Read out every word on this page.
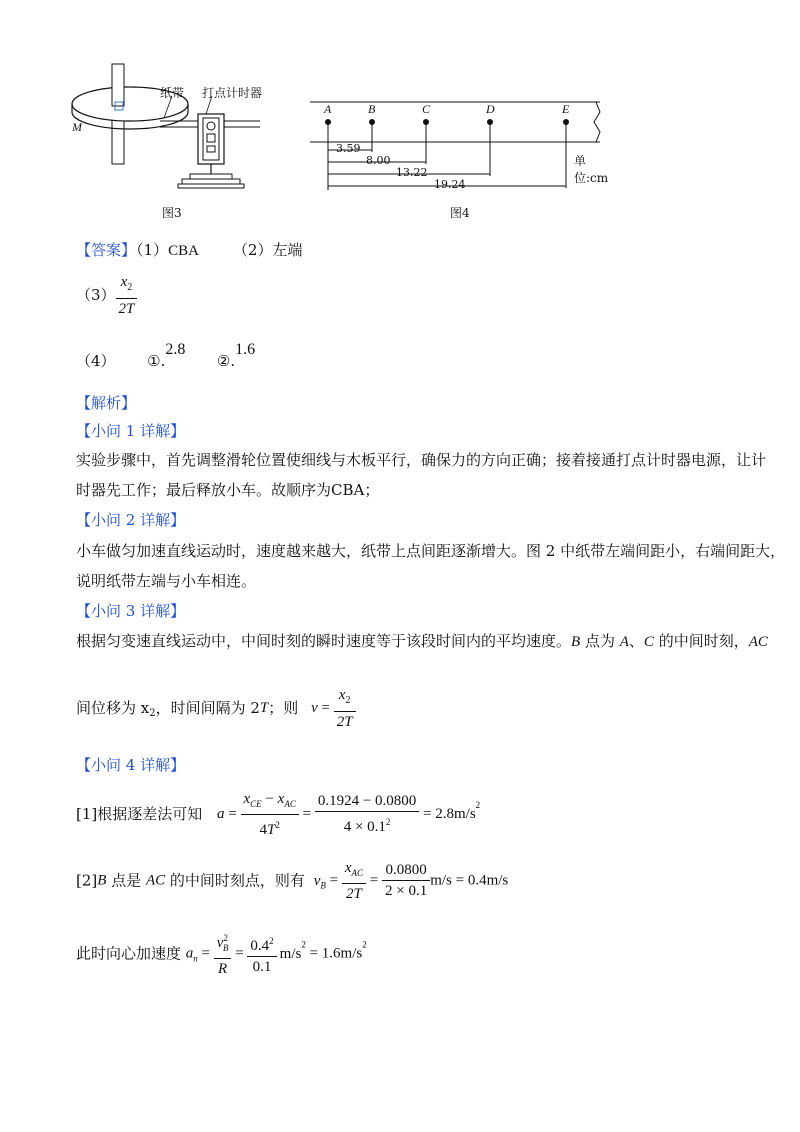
纸带 打点计时器
M
图3
A	B	C	D	E
3.59
8.00
13.22
19.24
单位:cm
图4
【答案】（1）CBA （2）左端
$(3) \frac{x_2}{2T}$
（4） ①.2.8  ②.1.6
【解析】
【小问 1 详解】
实验步骤中，首先调整滑轮位置使细线与木板平行，确保力的方向正确；接着接通打点计时器电源，让计
时器先工作；最后释放小车。故顺序为CBA；
【小问 2 详解】
小车做匀加速直线运动时，速度越来越大，纸带上点间距逐渐增大。图 2 中纸带左端间距小，右端间距大，
说明纸带左端与小车相连。
【小问 3 详解】
根据匀变速直线运动中，中间时刻的瞬时速度等于该段时间内的平均速度。B 点为 A、C 的中间时刻，AC
间位移为 $x_2$，时间间隔为 2T；则 $v = \frac{x_2}{2T}$
【小问 4 详解】
[1]根据逐差法可知 $a = \frac{x_{CE} - x_{AC}}{4T^2} = \frac{0.1924 - 0.0800}{4 \times 0.1^2} = 2.8m/s^2$
[2]B 点是 AC 的中间时刻点，则有 $v_B = \frac{x_{AC}}{2T} = \frac{0.0800}{2 \times 0.1} m/s = 0.4m/s$
此时向心加速度 $a_n = \frac{v^2_B}{R} = \frac{0.4^2}{0.1} m/s^2 = 1.6m/s^2$
